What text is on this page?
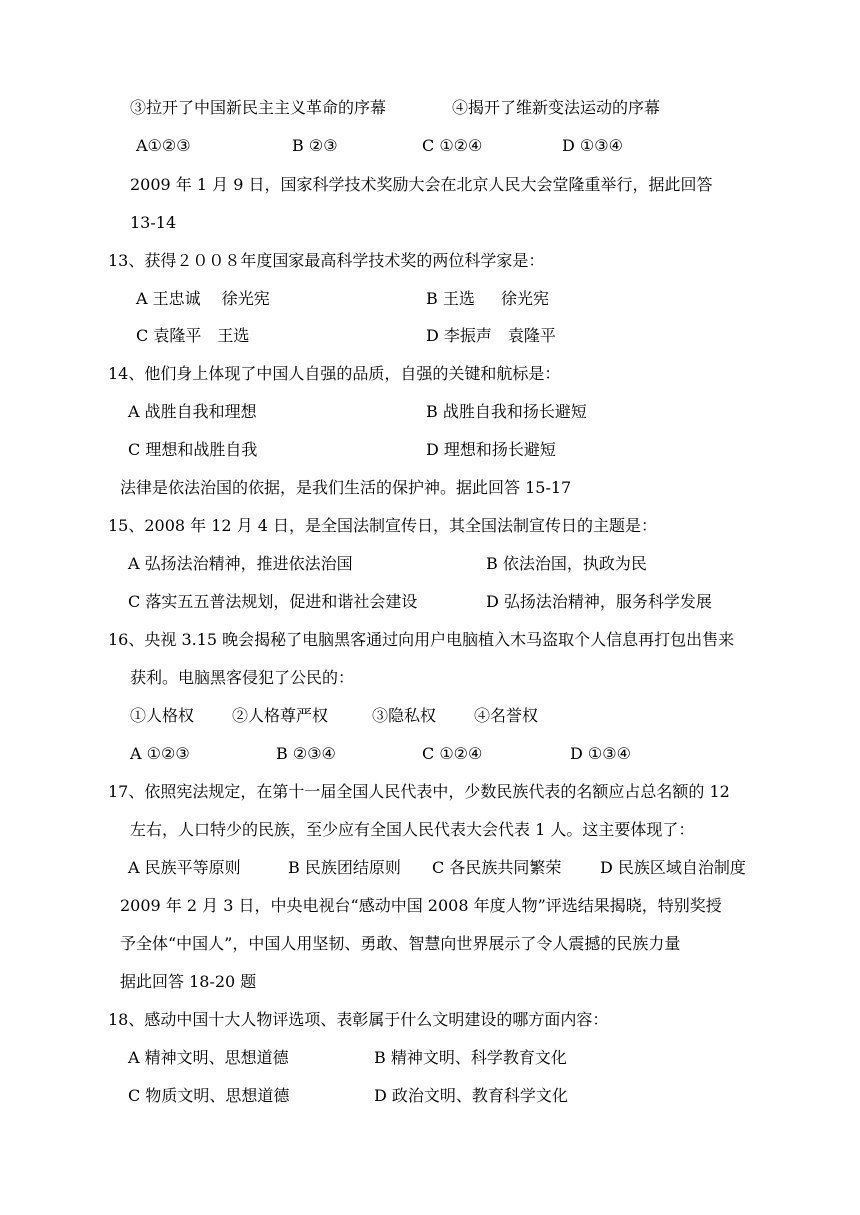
③拉开了中国新民主主义革命的序幕	④揭开了维新变法运动的序幕
A①②③	B ②③	C ①②④	D ①③④
2009 年 1 月 9 日，国家科学技术奖励大会在北京人民大会堂隆重举行，据此回答
13-14
13、获得２００８年度国家最高科学技术奖的两位科学家是：
A 王忠诚　 徐光宪	B 王选　  徐光宪
C 袁隆平　王选	D 李振声　袁隆平
14、他们身上体现了中国人自强的品质，自强的关键和航标是：
A 战胜自我和理想	B 战胜自我和扬长避短
C 理想和战胜自我	D 理想和扬长避短
法律是依法治国的依据，是我们生活的保护神。据此回答 15-17
15、2008 年 12 月 4 日，是全国法制宣传日，其全国法制宣传日的主题是：
A 弘扬法治精神，推进依法治国	B 依法治国，执政为民
C 落实五五普法规划，促进和谐社会建设	D 弘扬法治精神，服务科学发展
16、央视 3.15 晚会揭秘了电脑黑客通过向用户电脑植入木马盗取个人信息再打包出售来
获利。电脑黑客侵犯了公民的：
①人格权 ②人格尊严权	③隐私权 ④名誉权
A ①②③	B ②③④	C ①②④	D ①③④
17、依照宪法规定，在第十一届全国人民代表中，少数民族代表的名额应占总名额的 12
左右，人口特少的民族，至少应有全国人民代表大会代表 1 人。这主要体现了：
A 民族平等原则	B 民族团结原则 C 各民族共同繁荣 D 民族区域自治制度
2009 年 2 月 3 日，中央电视台“感动中国 2008 年度人物”评选结果揭晓，特别奖授
予全体“中国人”，中国人用坚韧、勇敢、智慧向世界展示了令人震撼的民族力量
据此回答 18-20 题
18、感动中国十大人物评选项、表彰属于什么文明建设的哪方面内容：
A 精神文明、思想道德	B 精神文明、科学教育文化
C 物质文明、思想道德	D 政治文明、教育科学文化
